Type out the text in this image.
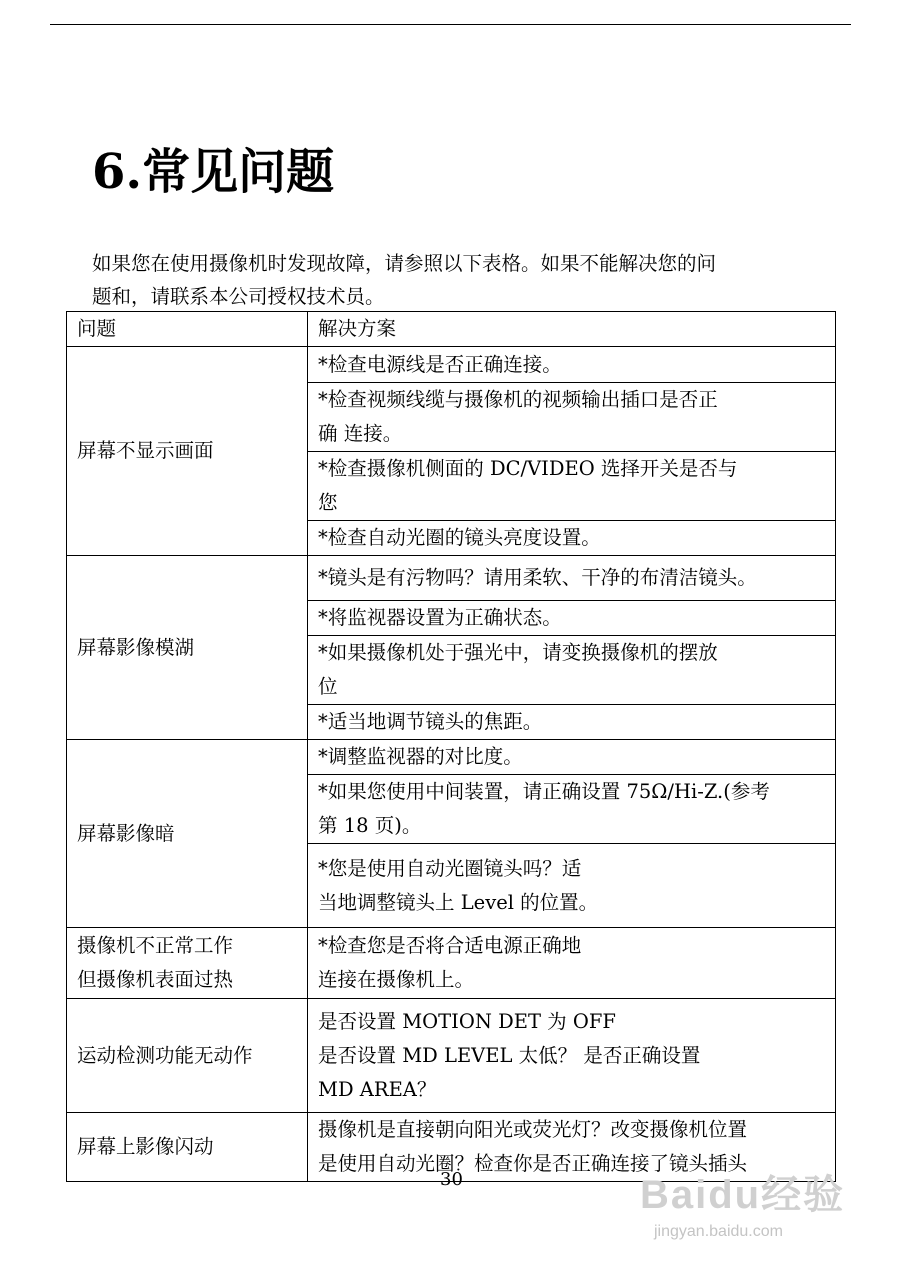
6.常见问题
如果您在使用摄像机时发现故障，请参照以下表格。如果不能解决您的问
题和，请联系本公司授权技术员。
问题	解决方案

屏幕不显示画面	*检查电源线是否正确连接。

	*检查视频线缆与摄像机的视频输出插口是否正
确 连接。

	*检查摄像机侧面的 DC/VIDEO 选择开关是否与
您

	*检查自动光圈的镜头亮度设置。

屏幕影像模湖	*镜头是有污物吗？请用柔软、干净的布清洁镜头。

	*将监视器设置为正确状态。

	*如果摄像机处于强光中，请变换摄像机的摆放
位

	*适当地调节镜头的焦距。

屏幕影像暗	*调整监视器的对比度。

	*如果您使用中间装置，请正确设置 75Ω/Hi-Z.(参考
第 18 页)。

	*您是使用自动光圈镜头吗？适
当地调整镜头上 Level 的位置。

摄像机不正常工作
但摄像机表面过热	*检查您是否将合适电源正确地
连接在摄像机上。

运动检测功能无动作	是否设置 MOTION DET 为 OFF
是否设置 MD LEVEL 太低？ 是否正确设置
MD AREA？

屏幕上影像闪动	摄像机是直接朝向阳光或荧光灯？改变摄像机位置
是使用自动光圈？检查你是否正确连接了镜头插头
30	Baidu经验
jingyan.baidu.com
